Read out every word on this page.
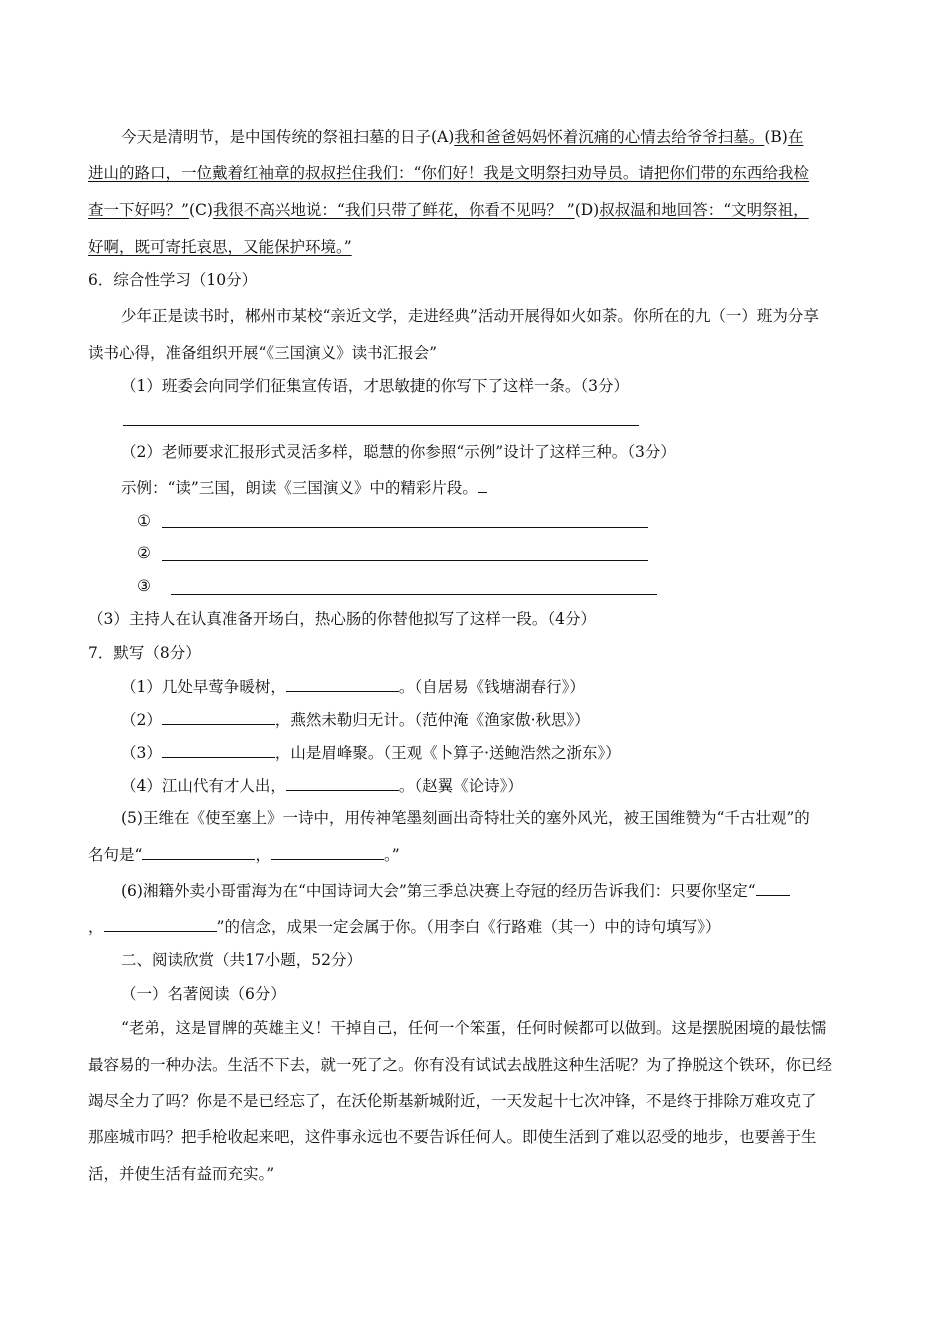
今天是清明节，是中国传统的祭祖扫墓的日子(A)我和爸爸妈妈怀着沉痛的心情去给爷爷扫墓。(B)在
进山的路口，一位戴着红袖章的叔叔拦住我们：“你们好！我是文明祭扫劝导员。请把你们带的东西给我检
查一下好吗？”(C)我很不高兴地说：“我们只带了鲜花，你看不见吗？ ”(D)叔叔温和地回答：“文明祭祖，
好啊，既可寄托哀思，又能保护环境。”
6．综合性学习（10分）
少年正是读书时，郴州市某校“亲近文学，走进经典”活动开展得如火如荼。你所在的九（一）班为分享
读书心得，准备组织开展“《三国演义》读书汇报会”
（1）班委会向同学们征集宣传语，才思敏捷的你写下了这样一条。（3分）
（2）老师要求汇报形式灵活多样，聪慧的你参照“示例”设计了这样三种。（3分）
示例：“读”三国，朗读《三国演义》中的精彩片段。
①
②
③
（3）主持人在认真准备开场白，热心肠的你替他拟写了这样一段。（4分）
7．默写（8分）
（1）几处早莺争暖树，	。（自居易《钱塘湖春行》）
（2）	，燕然未勒归无计。（范仲淹《渔家傲·秋思》）
（3）	，山是眉峰聚。（王观《卜算子·送鲍浩然之浙东》）
（4）江山代有才人出，	。（赵翼《论诗》）
(5)王维在《使至塞上》一诗中，用传神笔墨刻画出奇特壮关的塞外风光，被王国维赞为“千古壮观”的
名句是“	，	。”
(6)湘籍外卖小哥雷海为在“中国诗词大会”第三季总决赛上夺冠的经历告诉我们：只要你坚定“
，	”的信念，成果一定会属于你。（用李白《行路难（其一）中的诗句填写》）
二、阅读欣赏（共17小题，52分）
（一）名著阅读（6分）
“老弟，这是冒牌的英雄主义！干掉自己，任何一个笨蛋，任何时候都可以做到。这是摆脱困境的最怯懦
最容易的一种办法。生活不下去，就一死了之。你有没有试试去战胜这种生活呢？为了挣脱这个铁环，你已经
竭尽全力了吗？你是不是已经忘了，在沃伦斯基新城附近，一天发起十七次冲锋，不是终于排除万难攻克了
那座城市吗？把手枪收起来吧，这件事永远也不要告诉任何人。即使生活到了难以忍受的地步，也要善于生
活，并使生活有益而充实。”
